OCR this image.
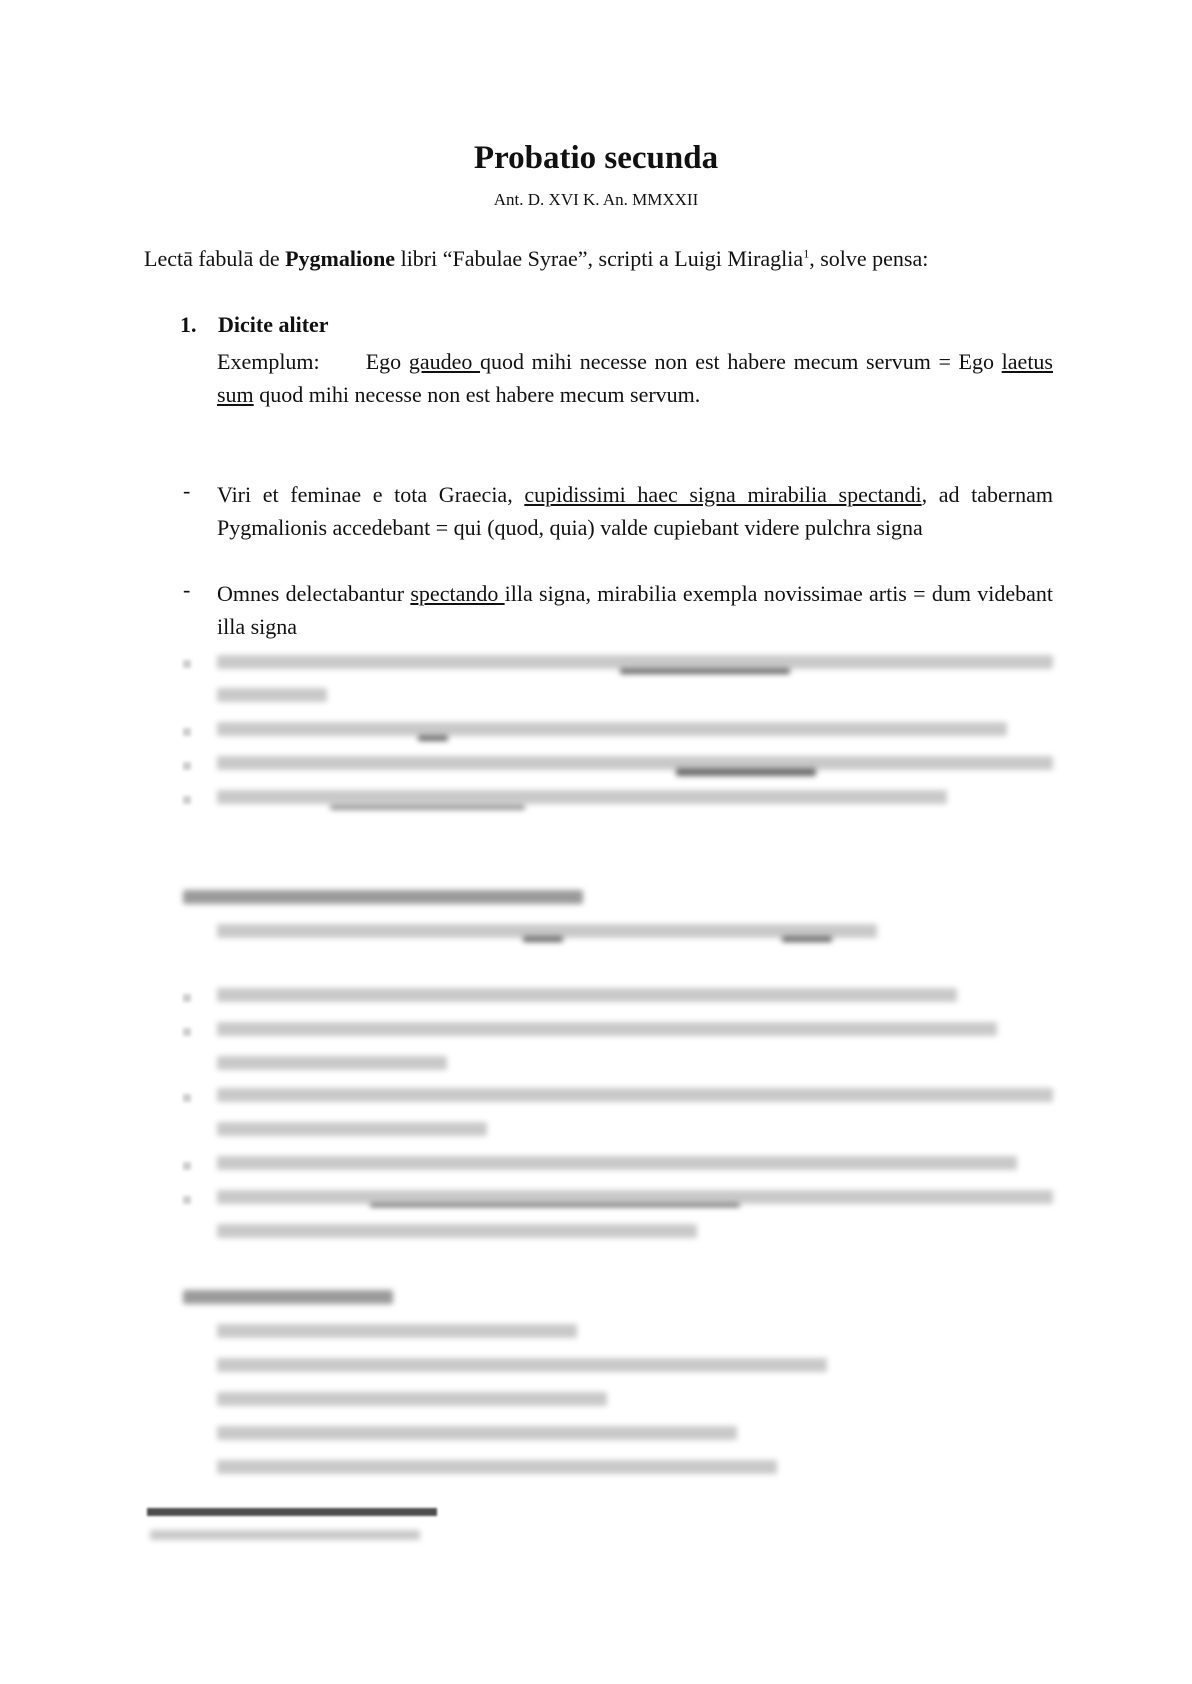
Probatio secunda
Ant. D. XVI K. An. MMXXII
Lectā fabulā de Pygmalione libri “Fabulae Syrae”, scripti a Luigi Miraglia$^1$, solve pensa:
1. Dicite aliter
Exemplum: Ego gaudeo quod mihi necesse non est habere mecum servum = Ego laetus sum quod mihi necesse non est habere mecum servum.
- Viri et feminae e tota Graecia, cupidissimi haec signa mirabilia spectandi, ad tabernam Pygmalionis accedebant = qui (quod, quia) valde cupiebant videre pulchra signa
- Omnes delectabantur spectando illa signa, mirabilia exempla novissimae artis = dum videbant illa signa
